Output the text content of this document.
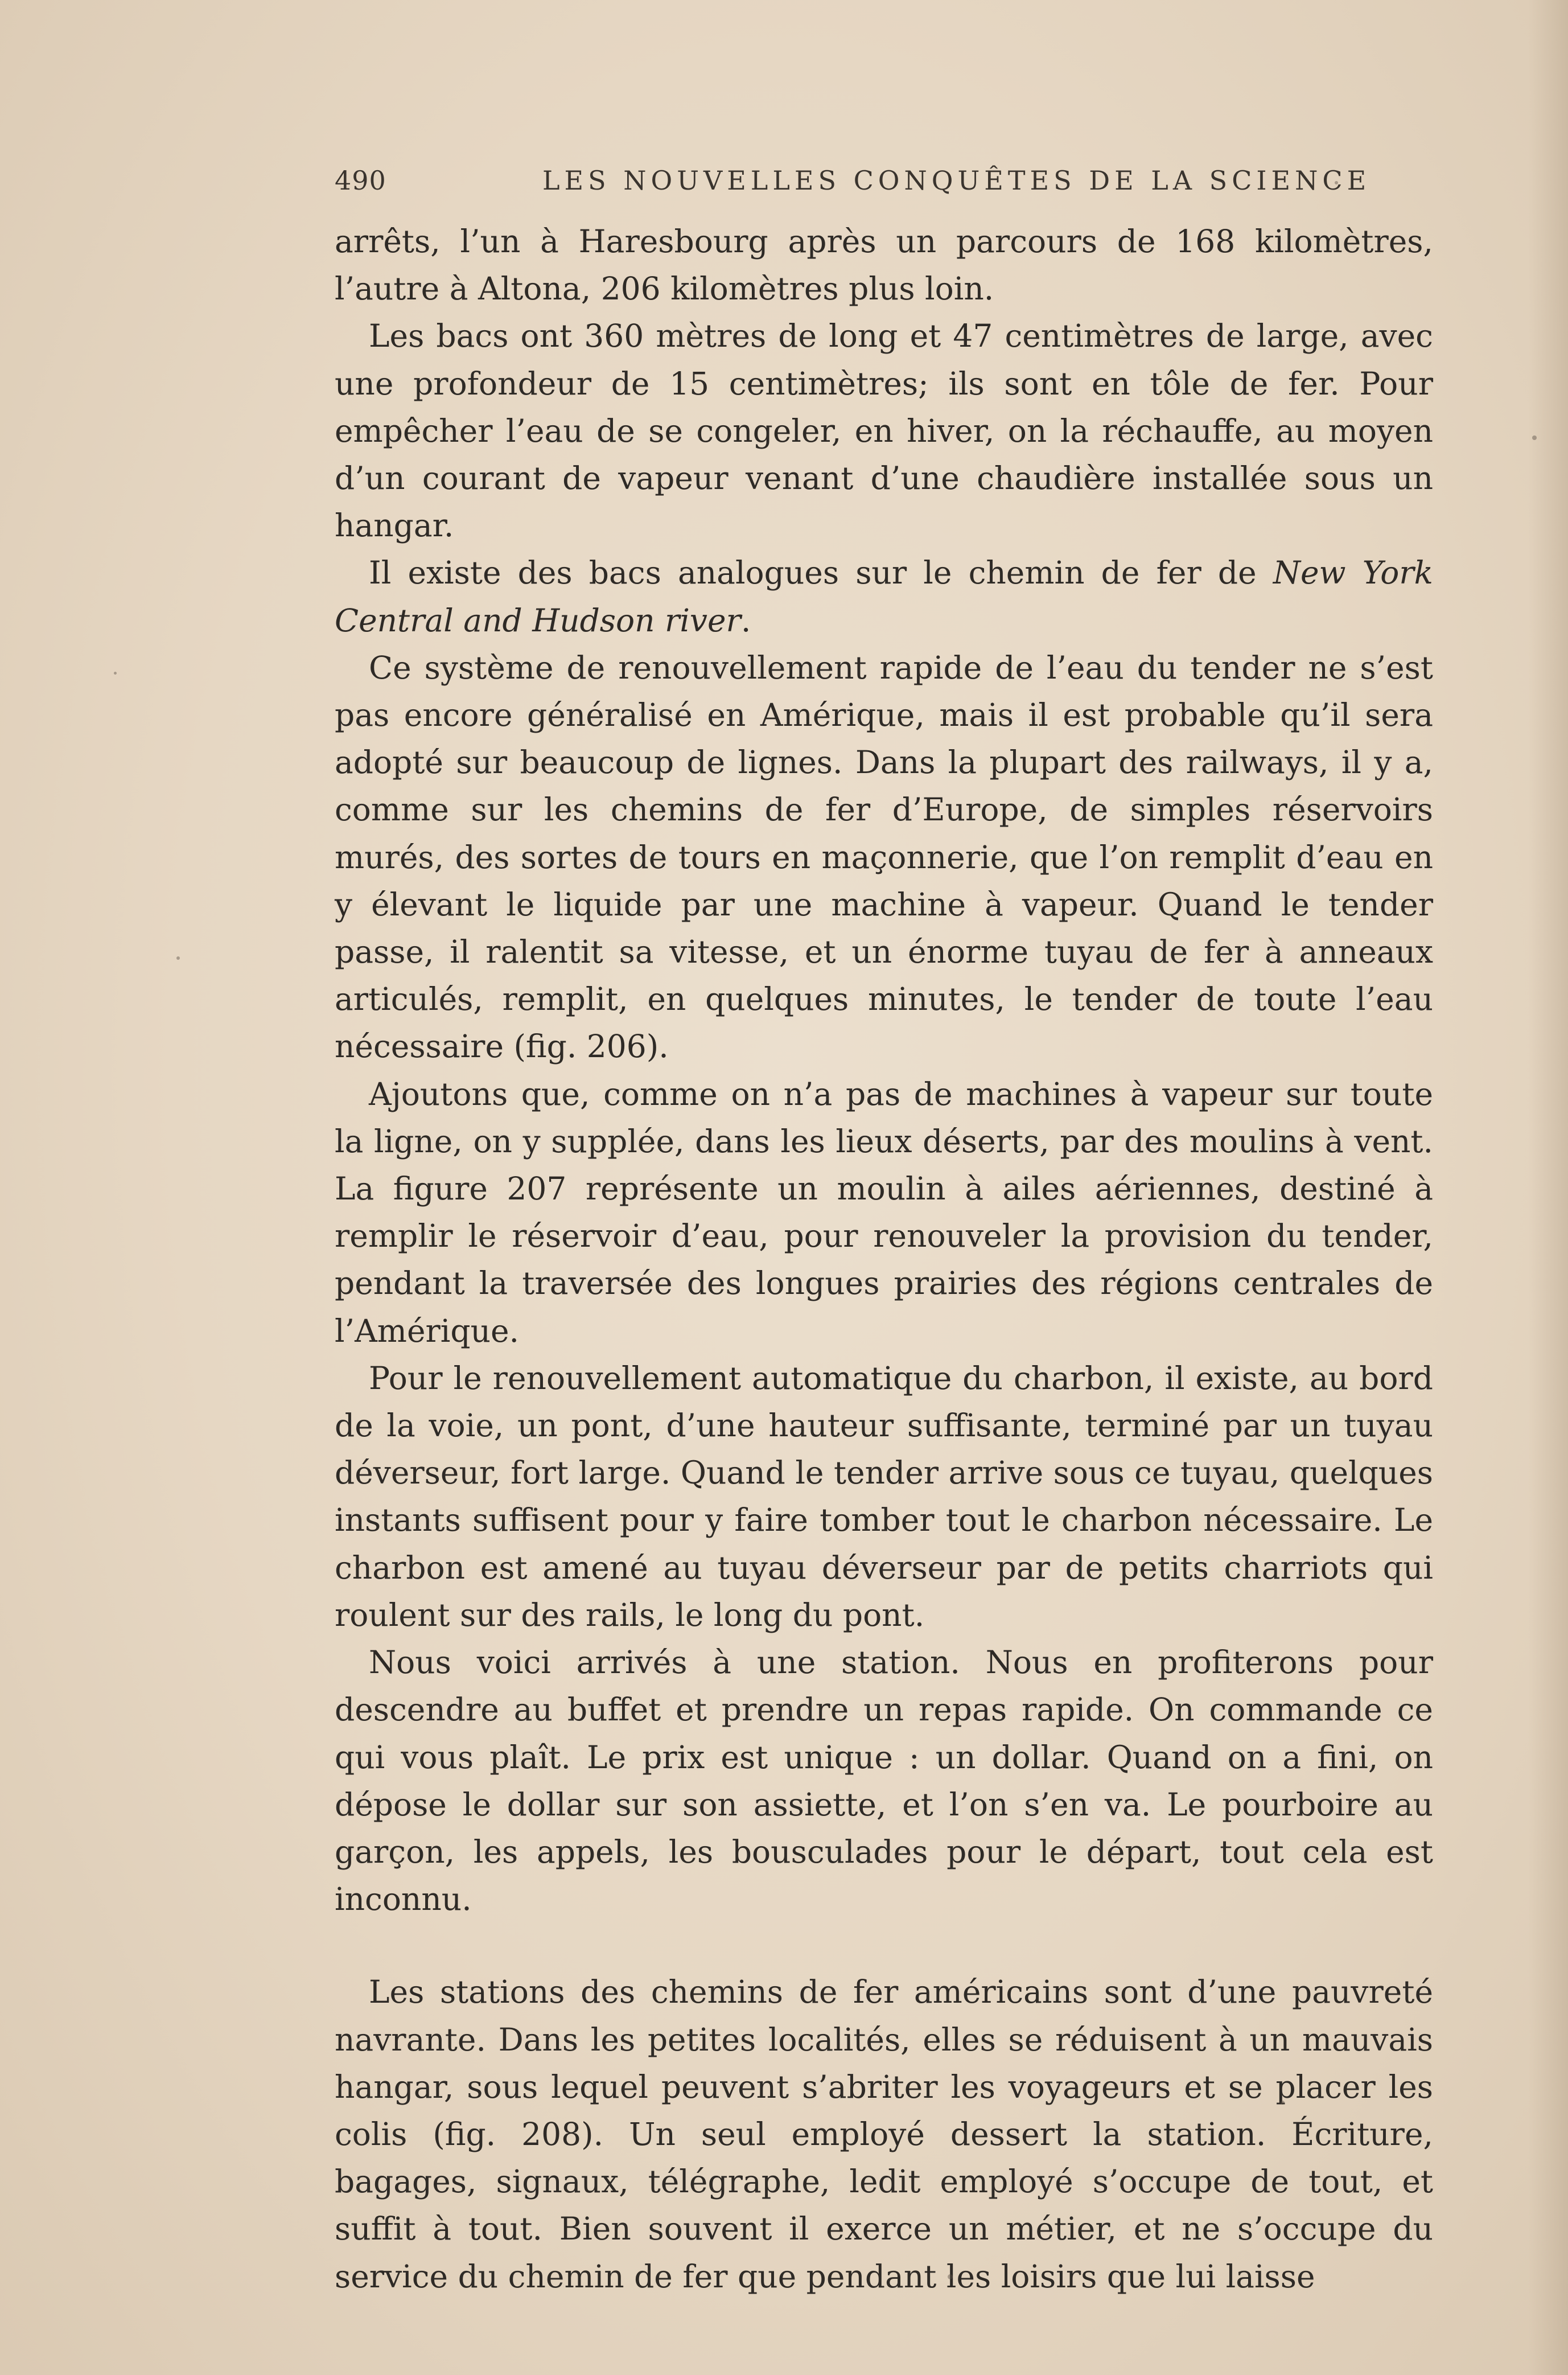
490	LES NOUVELLES CONQUÊTES DE LA SCIENCE

arrêts, l’un à Haresbourg après un parcours de 168 kilomètres, l’autre à Altona, 206 kilomètres plus loin.

Les bacs ont 360 mètres de long et 47 centimètres de large, avec une profondeur de 15 centimètres; ils sont en tôle de fer. Pour empêcher l’eau de se congeler, en hiver, on la réchauffe, au moyen d’un courant de vapeur venant d’une chaudière installée sous un hangar.

Il existe des bacs analogues sur le chemin de fer de New York Central and Hudson river.

Ce système de renouvellement rapide de l’eau du tender ne s’est pas encore généralisé en Amérique, mais il est probable qu’il sera adopté sur beaucoup de lignes. Dans la plupart des railways, il y a, comme sur les chemins de fer d’Europe, de simples réservoirs murés, des sortes de tours en maçonnerie, que l’on remplit d’eau en y élevant le liquide par une machine à vapeur. Quand le tender passe, il ralentit sa vitesse, et un énorme tuyau de fer à anneaux articulés, remplit, en quelques minutes, le tender de toute l’eau nécessaire (fig. 206).

Ajoutons que, comme on n’a pas de machines à vapeur sur toute la ligne, on y supplée, dans les lieux déserts, par des moulins à vent. La figure 207 représente un moulin à ailes aériennes, destiné à remplir le réservoir d’eau, pour renouveler la provision du tender, pendant la traversée des longues prairies des régions centrales de l’Amérique.

Pour le renouvellement automatique du charbon, il existe, au bord de la voie, un pont, d’une hauteur suffisante, terminé par un tuyau déverseur, fort large. Quand le tender arrive sous ce tuyau, quelques instants suffisent pour y faire tomber tout le charbon nécessaire. Le charbon est amené au tuyau déverseur par de petits charriots qui roulent sur des rails, le long du pont.

Nous voici arrivés à une station. Nous en profiterons pour descendre au buffet et prendre un repas rapide. On commande ce qui vous plaît. Le prix est unique : un dollar. Quand on a fini, on dépose le dollar sur son assiette, et l’on s’en va. Le pourboire au garçon, les appels, les bousculades pour le départ, tout cela est inconnu.

Les stations des chemins de fer américains sont d’une pauvreté navrante. Dans les petites localités, elles se réduisent à un mauvais hangar, sous lequel peuvent s’abriter les voyageurs et se placer les colis (fig. 208). Un seul employé dessert la station. Écriture, bagages, signaux, télégraphe, ledit employé s’occupe de tout, et suffit à tout. Bien souvent il exerce un métier, et ne s’occupe du service du chemin de fer que pendant les loisirs que lui laisse
